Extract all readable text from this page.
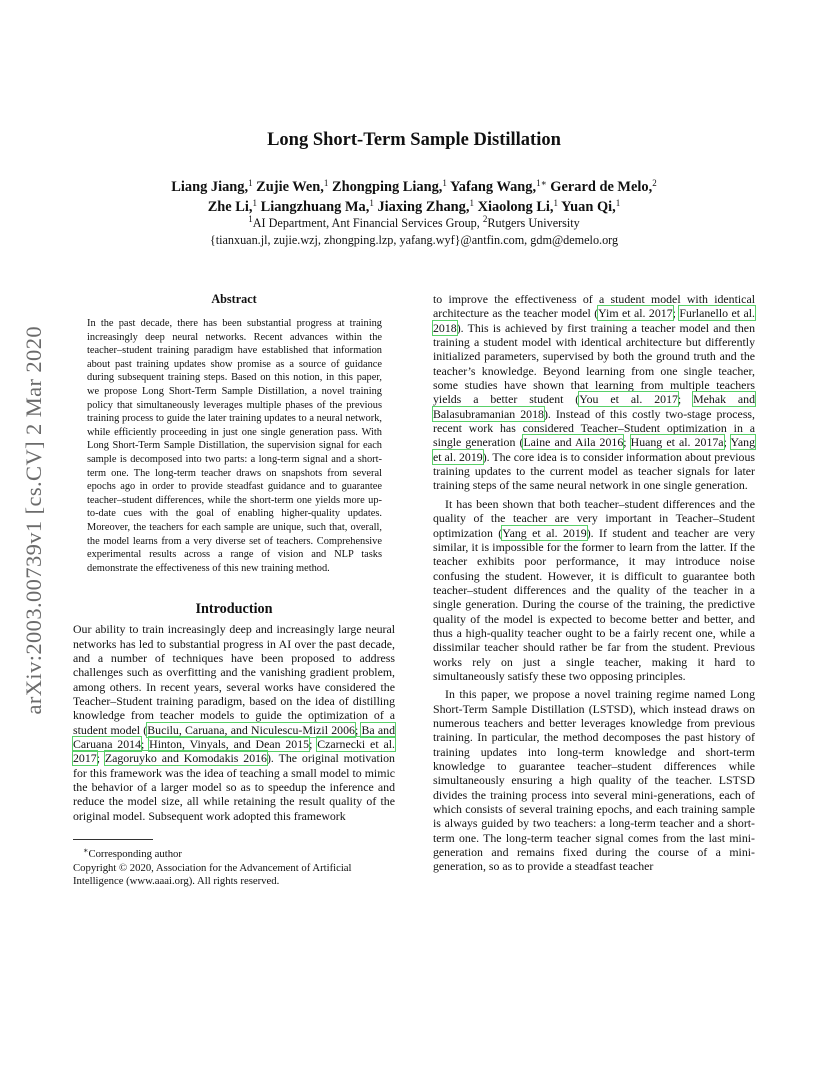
arXiv:2003.00739v1 [cs.CV] 2 Mar 2020
Long Short-Term Sample Distillation
Liang Jiang,$^1$ Zujie Wen,$^1$ Zhongping Liang,$^1$ Yafang Wang,$^{1∗}$ Gerard de Melo,$^2$
Zhe Li,$^1$ Liangzhuang Ma,$^1$ Jiaxing Zhang,$^1$ Xiaolong Li,$^1$ Yuan Qi,$^1$
$^1$AI Department, Ant Financial Services Group, $^2$Rutgers University
{tianxuan.jl, zujie.wzj, zhongping.lzp, yafang.wyf}@antfin.com, gdm@demelo.org
Abstract

In the past decade, there has been substantial progress at training increasingly deep neural networks. Recent advances within the teacher–student training paradigm have established that information about past training updates show promise as a source of guidance during subsequent training steps. Based on this notion, in this paper, we propose Long Short-Term Sample Distillation, a novel training policy that simultaneously leverages multiple phases of the previous training process to guide the later training updates to a neural network, while efficiently proceeding in just one single generation pass. With Long Short-Term Sample Distillation, the supervision signal for each sample is decomposed into two parts: a long-term signal and a short-term one. The long-term teacher draws on snapshots from several epochs ago in order to provide steadfast guidance and to guarantee teacher–student differences, while the short-term one yields more up-to-date cues with the goal of enabling higher-quality updates. Moreover, the teachers for each sample are unique, such that, overall, the model learns from a very diverse set of teachers. Comprehensive experimental results across a range of vision and NLP tasks demonstrate the effectiveness of this new training method.

Introduction

Our ability to train increasingly deep and increasingly large neural networks has led to substantial progress in AI over the past decade, and a number of techniques have been proposed to address challenges such as overfitting and the vanishing gradient problem, among others. In recent years, several works have considered the Teacher–Student training paradigm, based on the idea of distilling knowledge from teacher models to guide the optimization of a student model (Bucilu, Caruana, and Niculescu-Mizil 2006; Ba and Caruana 2014; Hinton, Vinyals, and Dean 2015; Czarnecki et al. 2017; Zagoruyko and Komodakis 2016). The original motivation for this framework was the idea of teaching a small model to mimic the behavior of a larger model so as to speedup the inference and reduce the model size, all while retaining the result quality of the original model. Subsequent work adopted this framework

∗Corresponding author

Copyright © 2020, Association for the Advancement of Artificial Intelligence (www.aaai.org). All rights reserved.

to improve the effectiveness of a student model with identical architecture as the teacher model (Yim et al. 2017; Furlanello et al. 2018). This is achieved by first training a teacher model and then training a student model with identical architecture but differently initialized parameters, supervised by both the ground truth and the teacher’s knowledge. Beyond learning from one single teacher, some studies have shown that learning from multiple teachers yields a better student (You et al. 2017; Mehak and Balasubramanian 2018). Instead of this costly two-stage process, recent work has considered Teacher–Student optimization in a single generation (Laine and Aila 2016; Huang et al. 2017a; Yang et al. 2019). The core idea is to consider information about previous training updates to the current model as teacher signals for later training steps of the same neural network in one single generation.

It has been shown that both teacher–student differences and the quality of the teacher are very important in Teacher–Student optimization (Yang et al. 2019). If student and teacher are very similar, it is impossible for the former to learn from the latter. If the teacher exhibits poor performance, it may introduce noise confusing the student. However, it is difficult to guarantee both teacher–student differences and the quality of the teacher in a single generation. During the course of the training, the predictive quality of the model is expected to become better and better, and thus a high-quality teacher ought to be a fairly recent one, while a dissimilar teacher should rather be far from the student. Previous works rely on just a single teacher, making it hard to simultaneously satisfy these two opposing principles.

In this paper, we propose a novel training regime named Long Short-Term Sample Distillation (LSTSD), which instead draws on numerous teachers and better leverages knowledge from previous training. In particular, the method decomposes the past history of training updates into long-term knowledge and short-term knowledge to guarantee teacher–student differences while simultaneously ensuring a high quality of the teacher. LSTSD divides the training process into several mini-generations, each of which consists of several training epochs, and each training sample is always guided by two teachers: a long-term teacher and a short-term one. The long-term teacher signal comes from the last mini-generation and remains fixed during the course of a mini-generation, so as to provide a steadfast teacher
